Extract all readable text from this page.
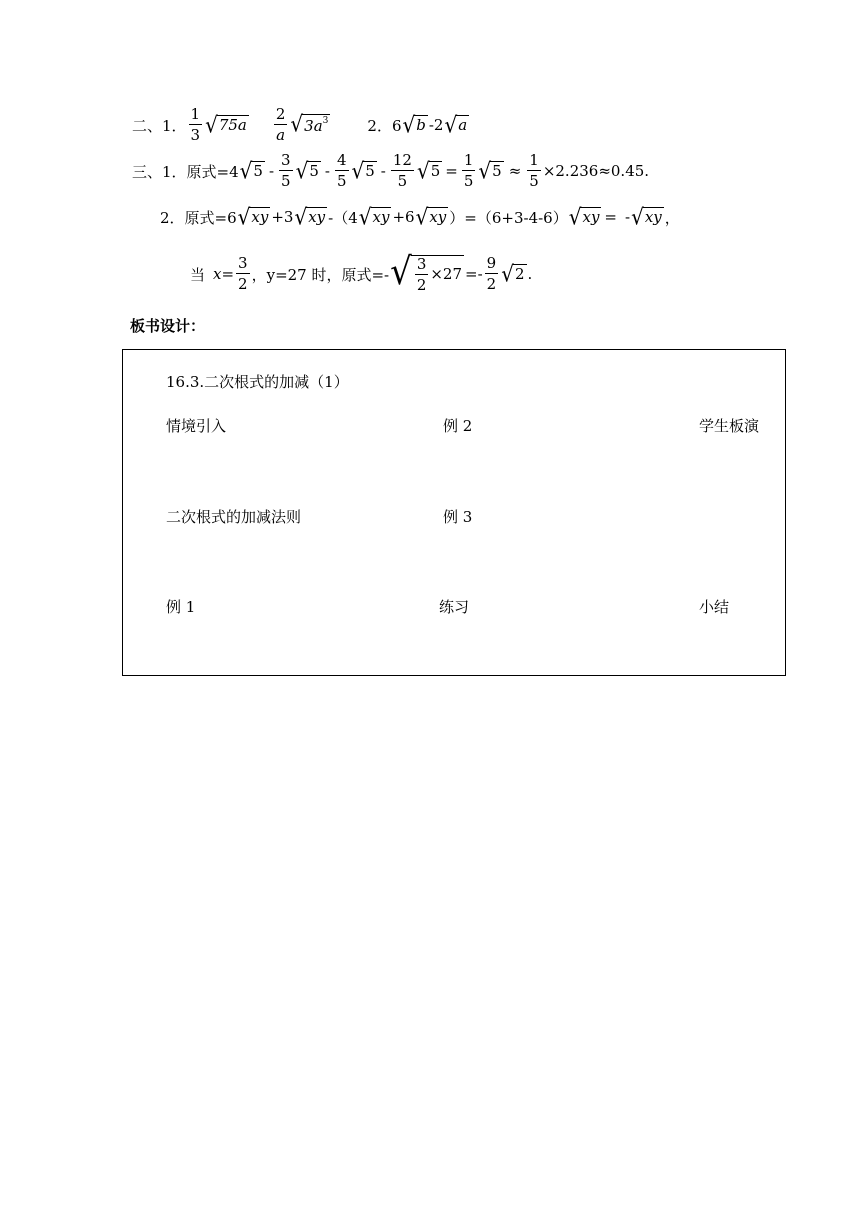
二、1． $\frac{1}{3}$ √ $75a \frac{2}{a}$ √ $3a^3$	2．6 √ b -2 √ a
三、1．原式=4 √ $5 - \frac{3}{5}$ √ $5 - \frac{4}{5}$ √ $5 - \frac{12}{5}$ √ $5 = \frac{1}{5}$ √ $5 \approx \frac{1}{5} \times 2.236\approx 0.45$.
2．原式=6 √ xy +3 √ xy -（4 √ xy +6 √ xy ）=（6+3-4-6） √ xy = - √ xy ，
当 $x= \frac{3}{2}$ ，y=27 时，原式=- √ $\frac{3}{2} \times 27 =- \frac{9}{2}$ √ 2 .
板书设计：
16.3.二次根式的加减（1）
情境引入	例 2	学生板演
二次根式的加减法则	例 3
例 1	练习	小结
